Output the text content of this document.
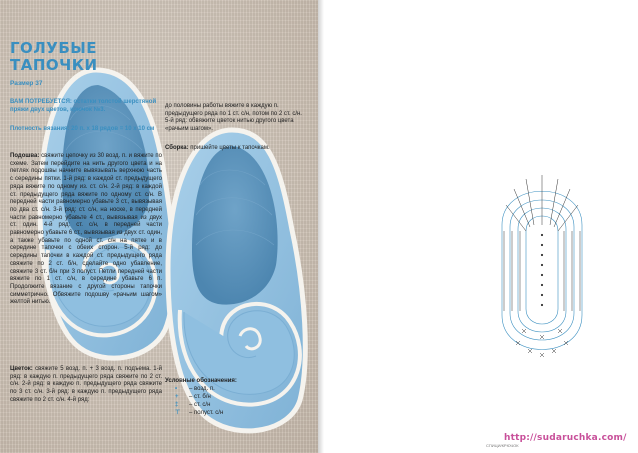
ГОЛУБЫЕ
ТАПОЧКИ
Размер 37
ВАМ ПОТРЕБУЕТСЯ: остатки толстой шерстяной пряжи двух цветов, крючок №3.
Плотность вязания: 20 п. х 18 рядов = 10 х 10 см
Подошва: свяжите цепочку из 30 возд. п. и вяжите по схеме. Затем перейдите на нить другого цвета и на петлях подошвы начните вывязывать верхнюю часть с середины пятки. 1-й ряд: в каждой ст. предыдущего ряда вяжите по одному из. ст. с/н. 2-й ряд: в каждой ст. предыдущего ряда вяжите по одному ст. с/н. В передней части равномерно убавьте 3 ст., вывязывая по два ст. с/н. 3-й ряд: ст. с/н, на носке, в передней части равномерно убавьте 4 ст., вывязывая из двух ст. один. 4-й ряд: ст. с/н, в передней части равномерно убавьте 6 ст., вывязывая из двух ст. один, а также убавьте по одной ст. с/н на пятке и в середине тапочки с обеих сторон. 5-й ряд: до середины тапочки в каждой ст. предыдущего ряда свяжите по 2 ст. б/н, сделайте одно убавление, свяжите 3 ст. б/н при 3 полуст. Петли передней части вяжите по 1 ст. с/н, в середине убавьте 6 п. Продолжите вязание с другой стороны тапочки симметрично. Обвяжите подошву «рачьим шагом» желтой нитью.
Цветок: свяжите 5 возд. п. + 3 возд. п. подъема. 1-й ряд: в каждую п. предыдущего ряда свяжите по 2 ст. с/н. 2-й ряд: в каждую п. предыдущего ряда свяжите по 3 ст. с/н. 3-й ряд: в каждую п. предыдущего ряда свяжите по 2 ст. с/н. 4-й ряд:
до половины работы вяжите в каждую п. предыдущего ряда по 1 ст. с/н, потом по 2 ст. с/н. 5-й ряд: обвяжите цветок нитью другого цвета «рачьим шагом».
Сборка: пришейте цветы к тапочкам.
Условные обозначения:
• – возд. п.
+ – ст. б/н
‡ – ст. с/н
⊤ – полуст. с/н
СПИЦИ/КРЮЧОК
http://sudaruchka.com/
